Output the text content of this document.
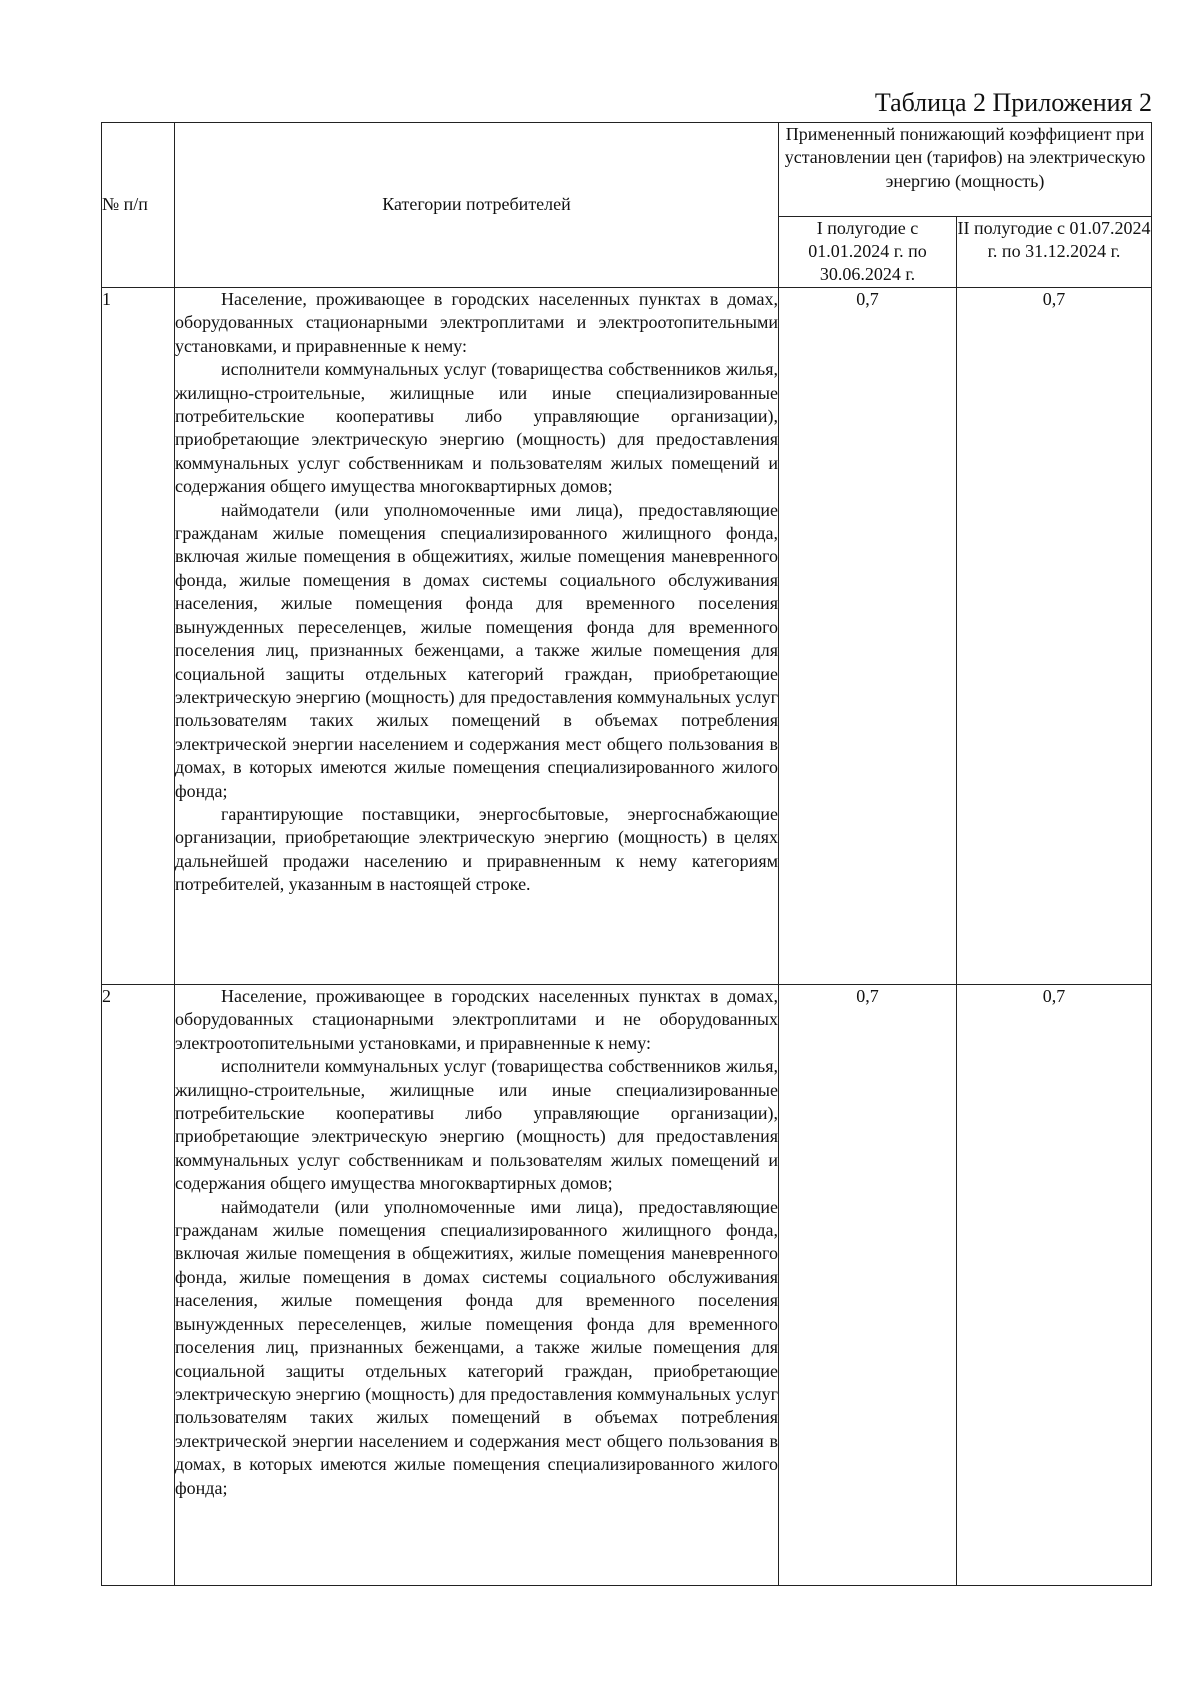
Таблица 2 Приложения 2
№ п/п	Категории потребителей	Примененный понижающий коэффициент при установлении цен (тарифов) на электрическую энергию (мощность)	
		I полугодие с 01.01.2024 г. по 30.06.2024 г.	II полугодие с 01.07.2024 г. по 31.12.2024 г.
1	Население, проживающее в городских населенных пунктах в домах, оборудованных стационарными электроплитами и электроотопительными установками, и приравненные к нему:

исполнители коммунальных услуг (товарищества собственников жилья, жилищно-строительные, жилищные или иные специализированные потребительские кооперативы либо управляющие организации), приобретающие электрическую энергию (мощность) для предоставления коммунальных услуг собственникам и пользователям жилых помещений и содержания общего имущества многоквартирных домов;

наймодатели (или уполномоченные ими лица), предоставляющие гражданам жилые помещения специализированного жилищного фонда, включая жилые помещения в общежитиях, жилые помещения маневренного фонда, жилые помещения в домах системы социального обслуживания населения, жилые помещения фонда для временного поселения вынужденных переселенцев, жилые помещения фонда для временного поселения лиц, признанных беженцами, а также жилые помещения для социальной защиты отдельных категорий граждан, приобретающие электрическую энергию (мощность) для предоставления коммунальных услуг пользователям таких жилых помещений в объемах потребления электрической энергии населением и содержания мест общего пользования в домах, в которых имеются жилые помещения специализированного жилого фонда;

гарантирующие поставщики, энергосбытовые, энергоснабжающие организации, приобретающие электрическую энергию (мощность) в целях дальнейшей продажи населению и приравненным к нему категориям потребителей, указанным в настоящей строке.	0,7	0,7
2	Население, проживающее в городских населенных пунктах в домах, оборудованных стационарными электроплитами и не оборудованных электроотопительными установками, и приравненные к нему:

исполнители коммунальных услуг (товарищества собственников жилья, жилищно-строительные, жилищные или иные специализированные потребительские кооперативы либо управляющие организации), приобретающие электрическую энергию (мощность) для предоставления коммунальных услуг собственникам и пользователям жилых помещений и содержания общего имущества многоквартирных домов;

наймодатели (или уполномоченные ими лица), предоставляющие гражданам жилые помещения специализированного жилищного фонда, включая жилые помещения в общежитиях, жилые помещения маневренного фонда, жилые помещения в домах системы социального обслуживания населения, жилые помещения фонда для временного поселения вынужденных переселенцев, жилые помещения фонда для временного поселения лиц, признанных беженцами, а также жилые помещения для социальной защиты отдельных категорий граждан, приобретающие электрическую энергию (мощность) для предоставления коммунальных услуг пользователям таких жилых помещений в объемах потребления электрической энергии населением и содержания мест общего пользования в домах, в которых имеются жилые помещения специализированного жилого фонда;	0,7	0,7
